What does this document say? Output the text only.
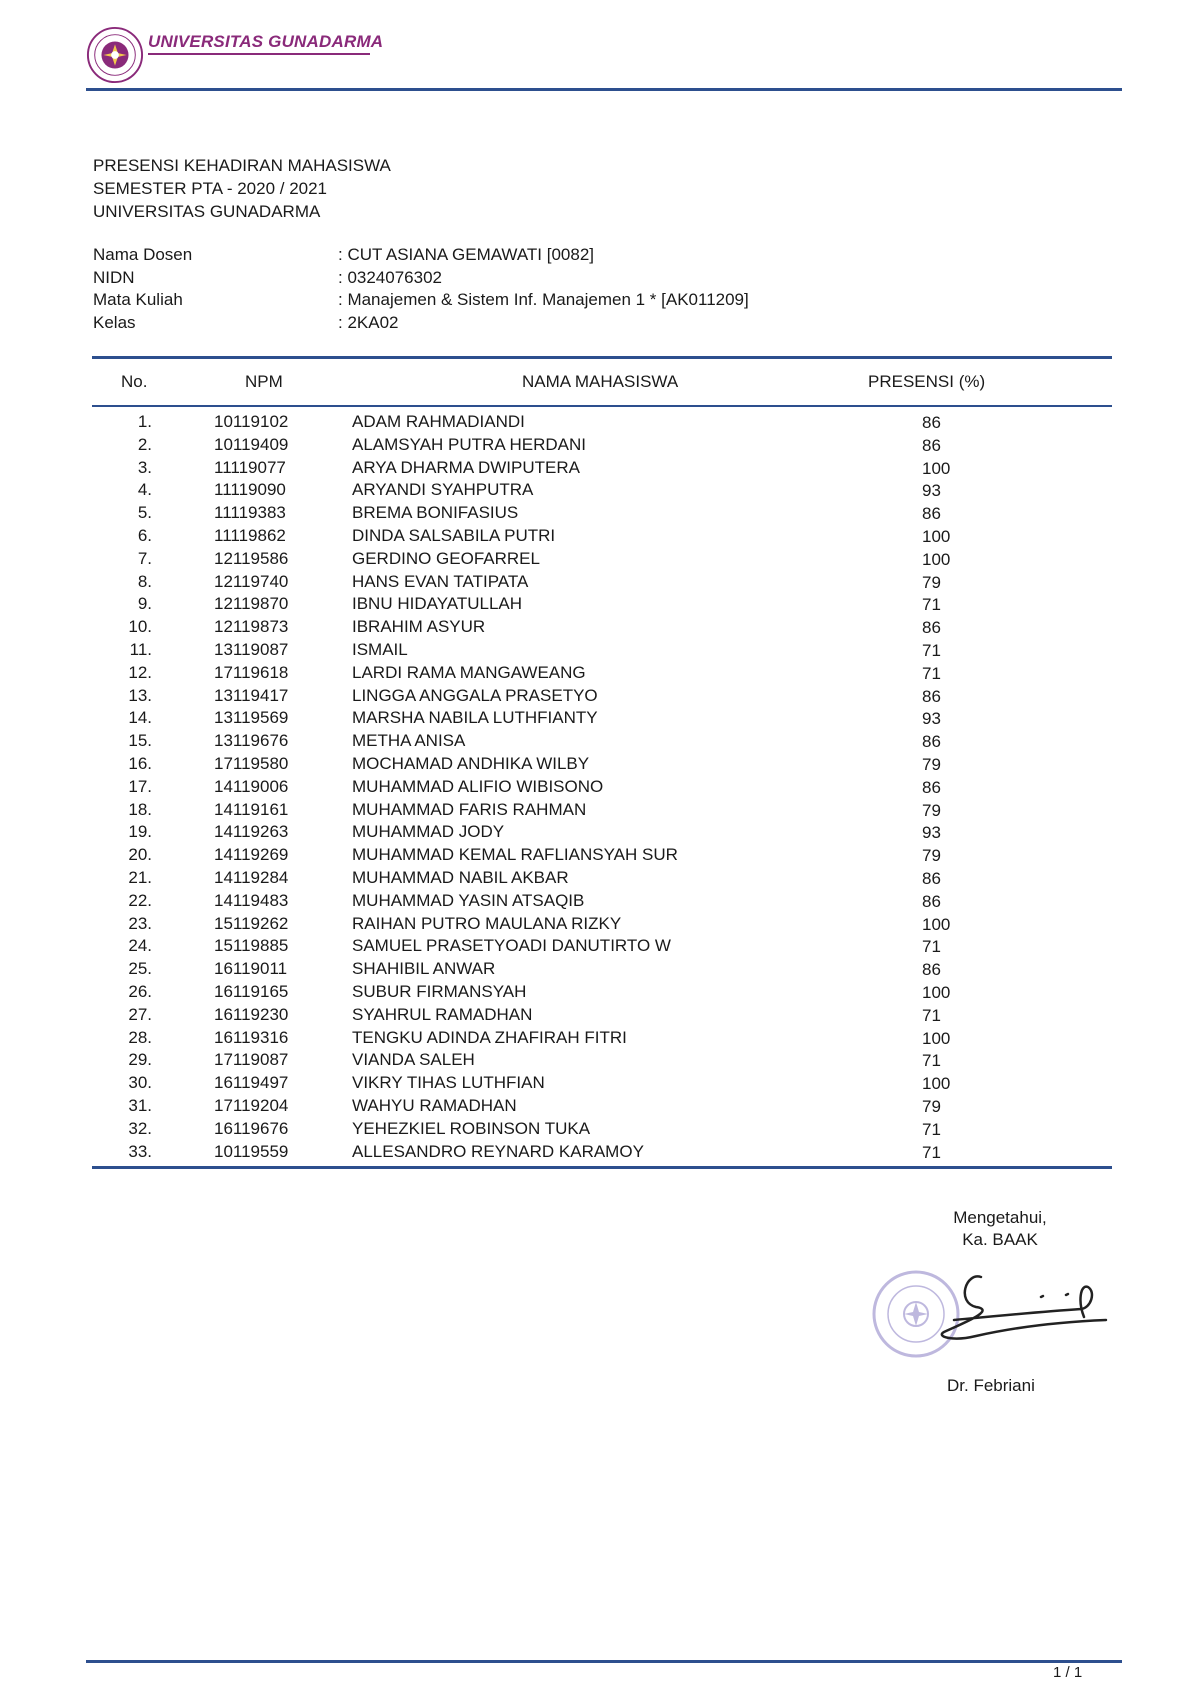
UNIVERSITAS GUNADARMA
PRESENSI KEHADIRAN MAHASISWA
SEMESTER PTA - 2020 / 2021
UNIVERSITAS GUNADARMA
Nama Dosen	: CUT ASIANA GEMAWATI [0082]
NIDN	: 0324076302
Mata Kuliah	: Manajemen & Sistem Inf. Manajemen 1 * [AK011209]
Kelas	: 2KA02
No.	NPM	NAMA MAHASISWA	PRESENSI (%)
1.	10119102	ADAM RAHMADIANDI	86
2.	10119409	ALAMSYAH PUTRA HERDANI	86
3.	11119077	ARYA DHARMA DWIPUTERA	100
4.	11119090	ARYANDI SYAHPUTRA	93
5.	11119383	BREMA BONIFASIUS	86
6.	11119862	DINDA SALSABILA PUTRI	100
7.	12119586	GERDINO GEOFARREL	100
8.	12119740	HANS EVAN TATIPATA	79
9.	12119870	IBNU HIDAYATULLAH	71
10.	12119873	IBRAHIM ASYUR	86
11.	13119087	ISMAIL	71
12.	17119618	LARDI RAMA MANGAWEANG	71
13.	13119417	LINGGA ANGGALA PRASETYO	86
14.	13119569	MARSHA NABILA LUTHFIANTY	93
15.	13119676	METHA ANISA	86
16.	17119580	MOCHAMAD ANDHIKA WILBY	79
17.	14119006	MUHAMMAD ALIFIO WIBISONO	86
18.	14119161	MUHAMMAD FARIS RAHMAN	79
19.	14119263	MUHAMMAD JODY	93
20.	14119269	MUHAMMAD KEMAL RAFLIANSYAH SUR	79
21.	14119284	MUHAMMAD NABIL AKBAR	86
22.	14119483	MUHAMMAD YASIN ATSAQIB	86
23.	15119262	RAIHAN PUTRO MAULANA RIZKY	100
24.	15119885	SAMUEL PRASETYOADI DANUTIRTO W	71
25.	16119011	SHAHIBIL ANWAR	86
26.	16119165	SUBUR FIRMANSYAH	100
27.	16119230	SYAHRUL RAMADHAN	71
28.	16119316	TENGKU ADINDA ZHAFIRAH FITRI	100
29.	17119087	VIANDA SALEH	71
30.	16119497	VIKRY TIHAS LUTHFIAN	100
31.	17119204	WAHYU RAMADHAN	79
32.	16119676	YEHEZKIEL ROBINSON TUKA	71
33.	10119559	ALLESANDRO REYNARD KARAMOY	71
Mengetahui,
Ka. BAAK
Dr. Febriani
1 / 1
